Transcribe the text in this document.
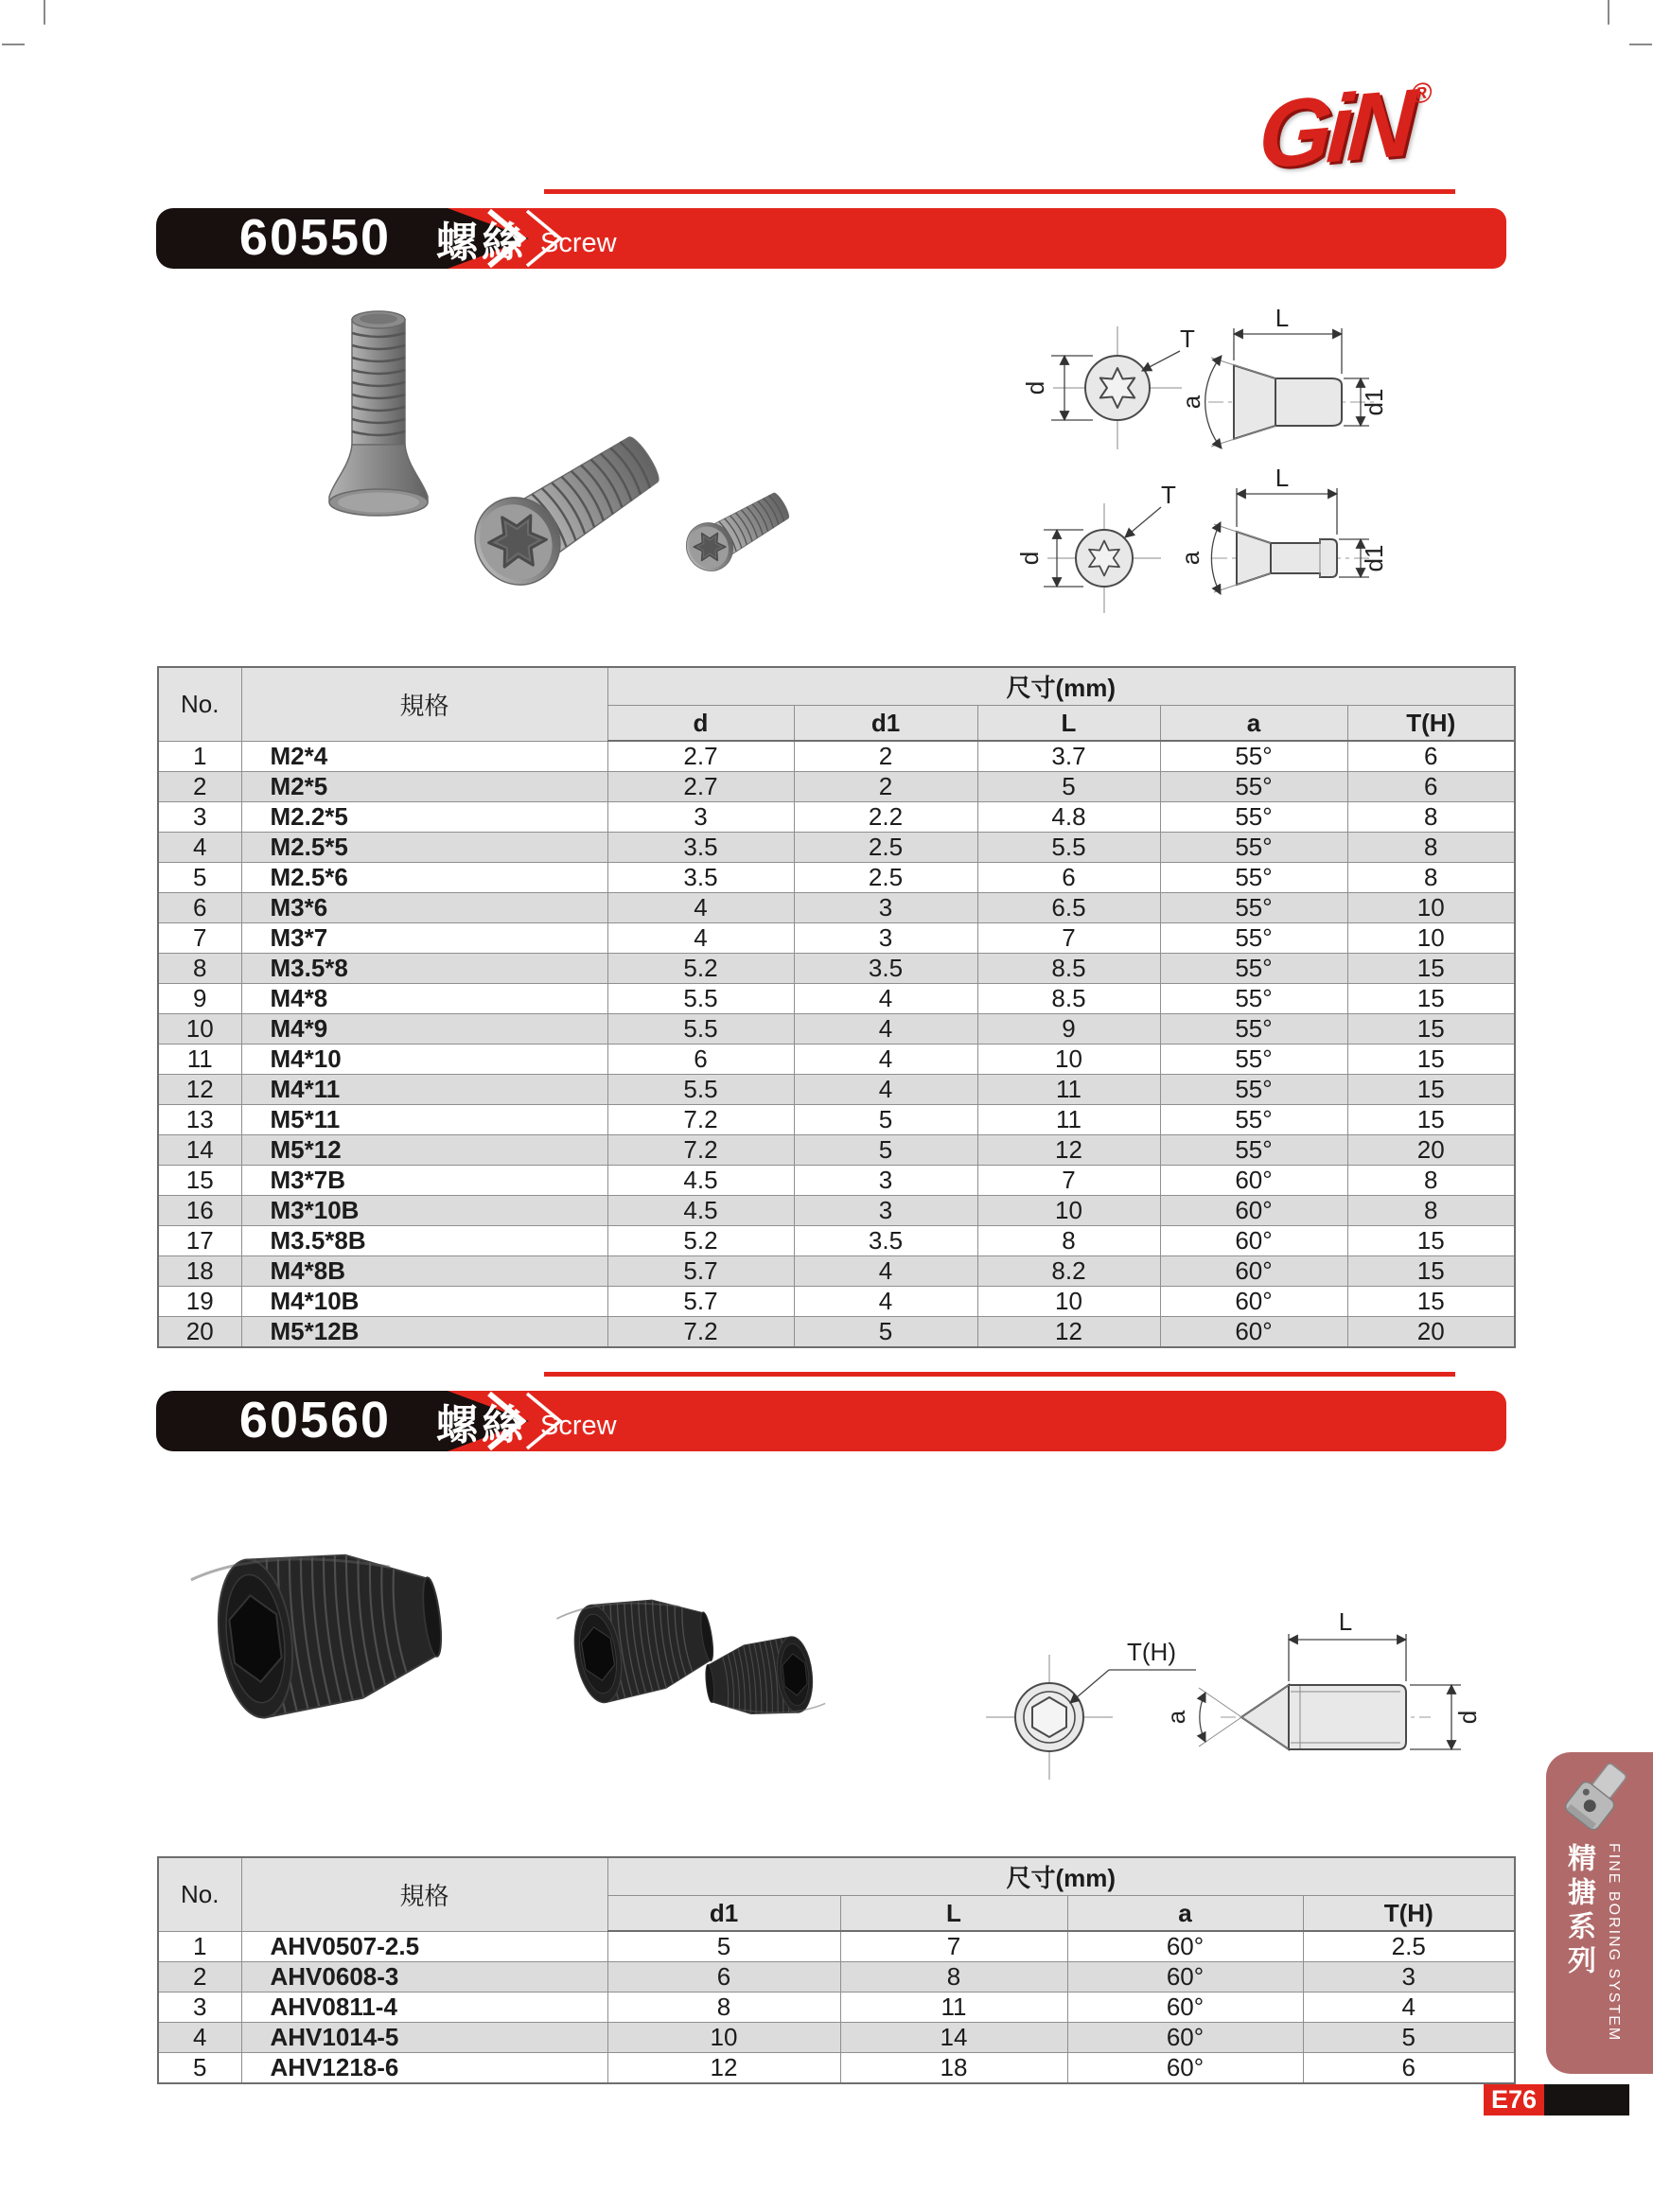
GiN®
60550	螺絲 Screw
d
T
a
L
d1
d
T
a
L
d1
No.	規格	尺寸(mm)				
		d	d1	L	a	T(H)
1	M2*4	2.7	2	3.7	55°	6
2	M2*5	2.7	2	5	55°	6
3	M2.2*5	3	2.2	4.8	55°	8
4	M2.5*5	3.5	2.5	5.5	55°	8
5	M2.5*6	3.5	2.5	6	55°	8
6	M3*6	4	3	6.5	55°	10
7	M3*7	4	3	7	55°	10
8	M3.5*8	5.2	3.5	8.5	55°	15
9	M4*8	5.5	4	8.5	55°	15
10	M4*9	5.5	4	9	55°	15
11	M4*10	6	4	10	55°	15
12	M4*11	5.5	4	11	55°	15
13	M5*11	7.2	5	11	55°	15
14	M5*12	7.2	5	12	55°	20
15	M3*7B	4.5	3	7	60°	8
16	M3*10B	4.5	3	10	60°	8
17	M3.5*8B	5.2	3.5	8	60°	15
18	M4*8B	5.7	4	8.2	60°	15
19	M4*10B	5.7	4	10	60°	15
20	M5*12B	7.2	5	12	60°	20
60560	螺絲 Screw
T(H)
a
L
d
No.	規格	尺寸(mm)			
		d1	L	a	T(H)
1	AHV0507-2.5	5	7	60°	2.5
2	AHV0608-3	6	8	60°	3
3	AHV0811-4	8	11	60°	4
4	AHV1014-5	10	14	60°	5
5	AHV1218-6	12	18	60°	6
精搪系列 FINE BORING SYSTEM
E76
